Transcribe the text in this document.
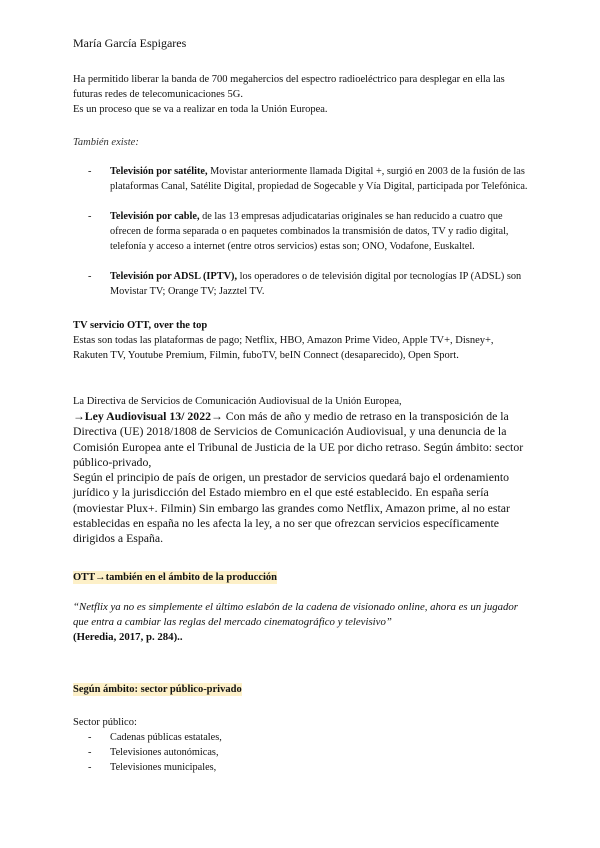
María García Espigares
Ha permitido liberar la banda de 700 megahercios del espectro radioeléctrico para desplegar en ella las futuras redes de telecomunicaciones 5G.
Es un proceso que se va a realizar en toda la Unión Europea.
También existe:
- Televisión por satélite, Movistar anteriormente llamada Digital +, surgió en 2003 de la fusión de las plataformas Canal, Satélite Digital, propiedad de Sogecable y Vía Digital, participada por Telefónica.
- Televisión por cable, de las 13 empresas adjudicatarias originales se han reducido a cuatro que ofrecen de forma separada o en paquetes combinados la transmisión de datos, TV y radio digital, telefonía y acceso a internet (entre otros servicios) estas son; ONO, Vodafone, Euskaltel.
- Televisión por ADSL (IPTV), los operadores o de televisión digital por tecnologías IP (ADSL) son Movistar TV; Orange TV; Jazztel TV.
TV servicio OTT, over the top
Estas son todas las plataformas de pago; Netflix, HBO, Amazon Prime Video, Apple TV+, Disney+, Rakuten TV, Youtube Premium, Filmin, fuboTV, beIN Connect (desaparecido), Open Sport.
La Directiva de Servicios de Comunicación Audiovisual de la Unión Europea,
→Ley Audiovisual 13/ 2022→ Con más de año y medio de retraso en la transposición de la Directiva (UE) 2018/1808 de Servicios de Comunicación Audiovisual, y una denuncia de la Comisión Europea ante el Tribunal de Justicia de la UE por dicho retraso. Según ámbito: sector público-privado,
Según el principio de país de origen, un prestador de servicios quedará bajo el ordenamiento jurídico y la jurisdicción del Estado miembro en el que esté establecido. En españa sería (moviestar Plux+. Filmin) Sin embargo las grandes como Netflix, Amazon prime, al no estar establecidas en españa no les afecta la ley, a no ser que ofrezcan servicios específicamente dirigidos a España.
OTT→también en el ámbito de la producción
“Netflix ya no es simplemente el último eslabón de la cadena de visionado online, ahora es un jugador que entra a cambiar las reglas del mercado cinematográfico y televisivo”
(Heredia, 2017, p. 284)..
Según ámbito: sector público-privado
Sector público:
- Cadenas públicas estatales,
- Televisiones autonómicas,
- Televisiones municipales,
